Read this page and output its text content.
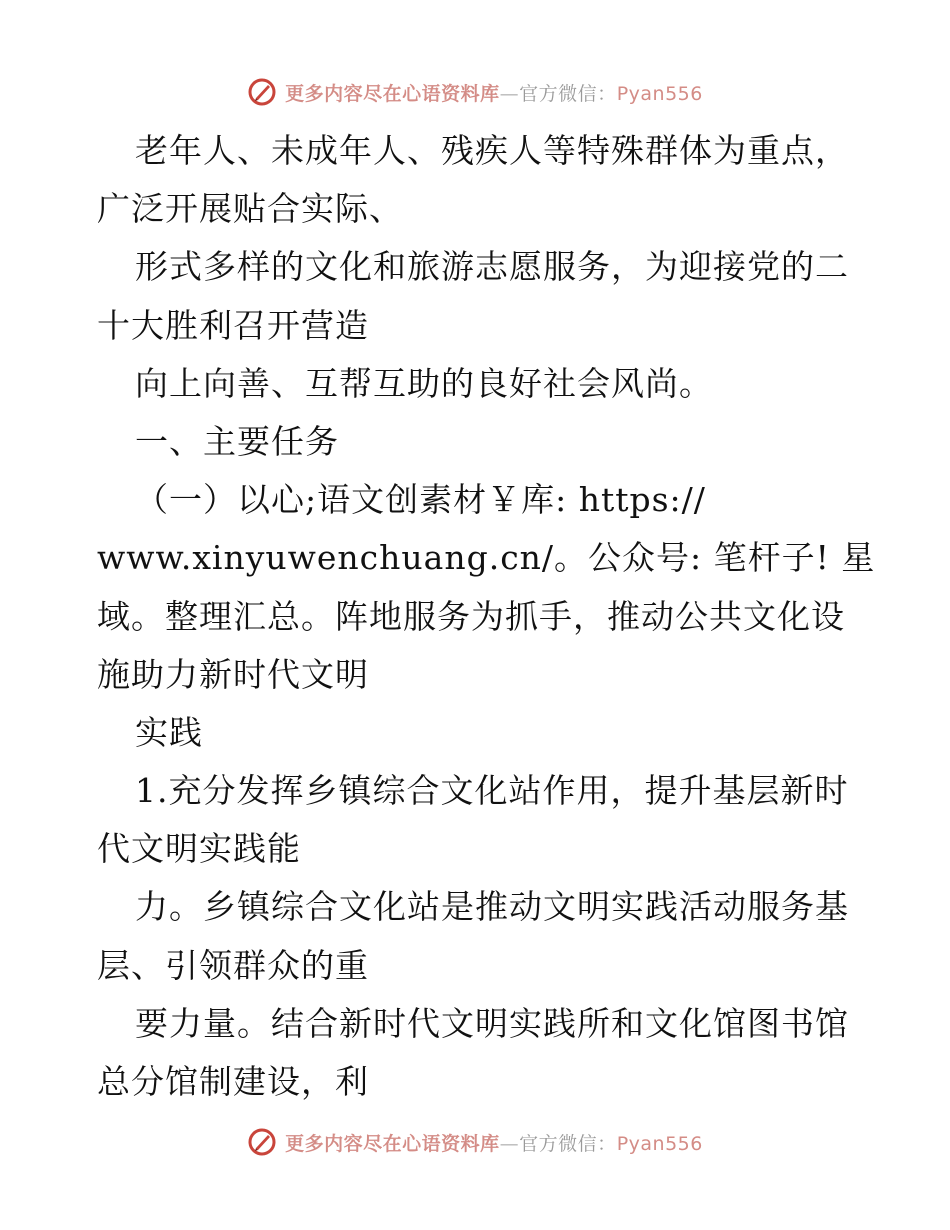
更多内容尽在心语资料库—官方微信：Pyan556
老年人、未成年人、残疾人等特殊群体为重点，
广泛开展贴合实际、
形式多样的文化和旅游志愿服务，为迎接党的二
十大胜利召开营造
向上向善、互帮互助的良好社会风尚。
一、主要任务
（一）以心;语文创素材￥库: https://
www.xinyuwenchuang.cn/。公众号: 笔杆子! 星
域。整理汇总。阵地服务为抓手，推动公共文化设
施助力新时代文明
实践
1.充分发挥乡镇综合文化站作用，提升基层新时
代文明实践能
力。乡镇综合文化站是推动文明实践活动服务基
层、引领群众的重
要力量。结合新时代文明实践所和文化馆图书馆
总分馆制建设，利
更多内容尽在心语资料库—官方微信：Pyan556
